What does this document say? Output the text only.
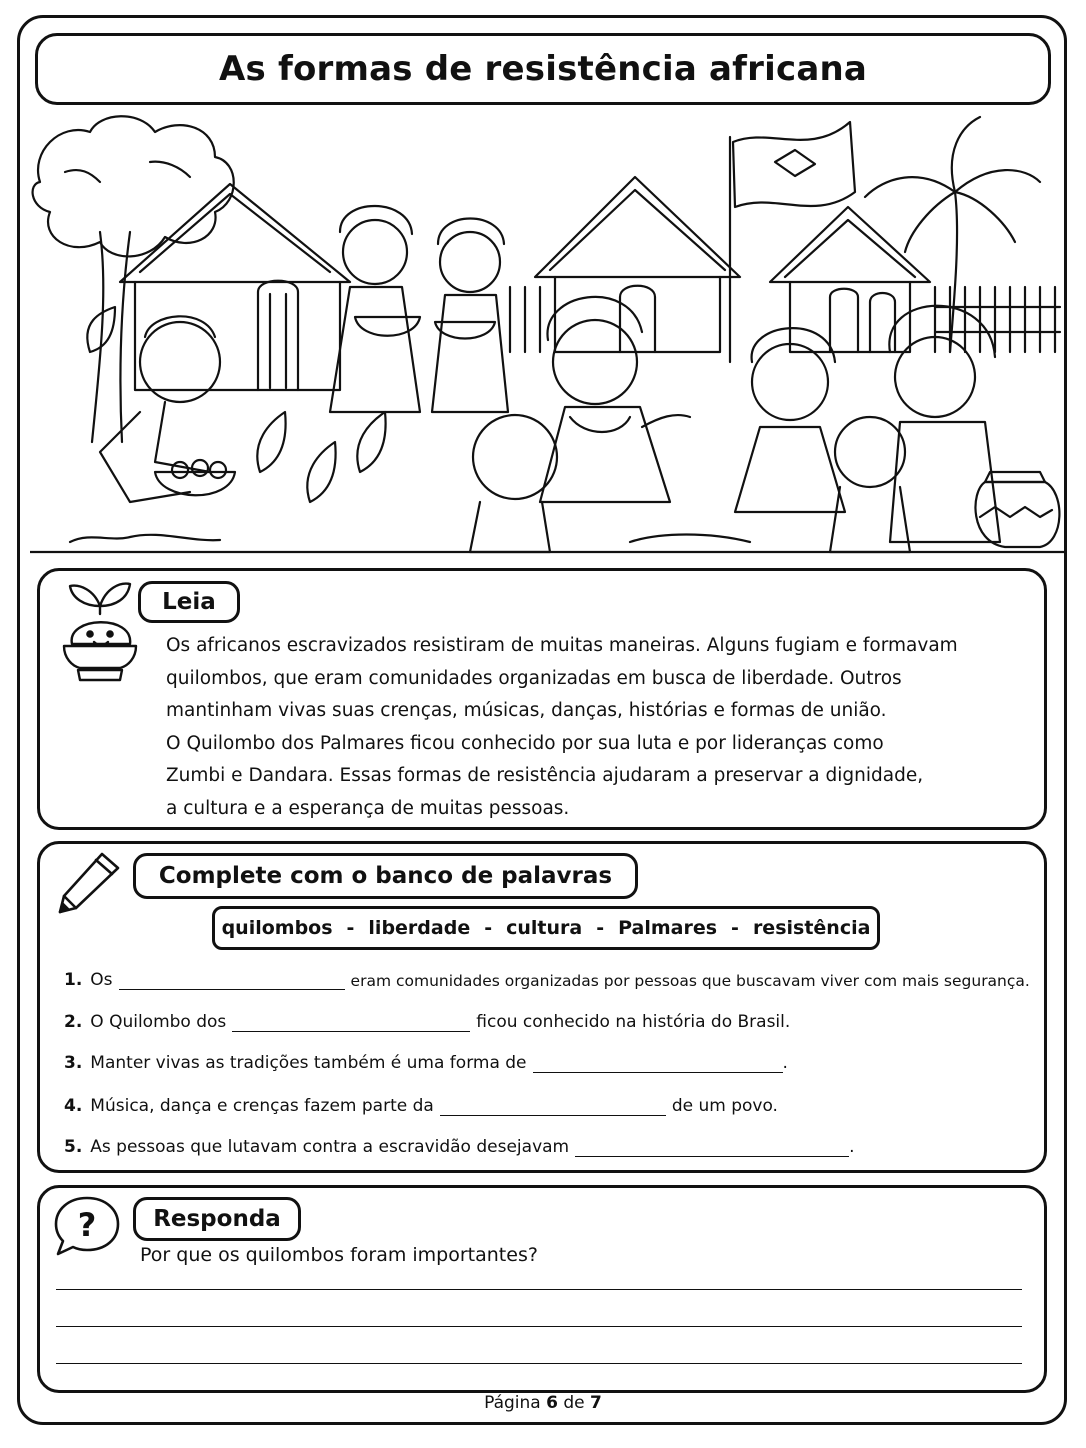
As formas de resistência africana
Leia

Os africanos escravizados resistiram de muitas maneiras. Alguns fugiam e formavam
quilombos, que eram comunidades organizadas em busca de liberdade. Outros
mantinham vivas suas crenças, músicas, danças, histórias e formas de união.
O Quilombo dos Palmares ficou conhecido por sua luta e por lideranças como
Zumbi e Dandara. Essas formas de resistência ajudaram a preservar a dignidade,
a cultura e a esperança de muitas pessoas.

Complete com o banco de palavras
quilombos - liberdade - cultura - Palmares - resistência
1. Os	eram comunidades organizadas por pessoas que buscavam viver com mais segurança.
2. O Quilombo dos	ficou conhecido na história do Brasil.
3. Manter vivas as tradições também é uma forma de	.
4. Música, dança e crenças fazem parte da	de um povo.
5. As pessoas que lutavam contra a escravidão desejavam	.
?	Responda
Por que os quilombos foram importantes?
Página 6 de 7
